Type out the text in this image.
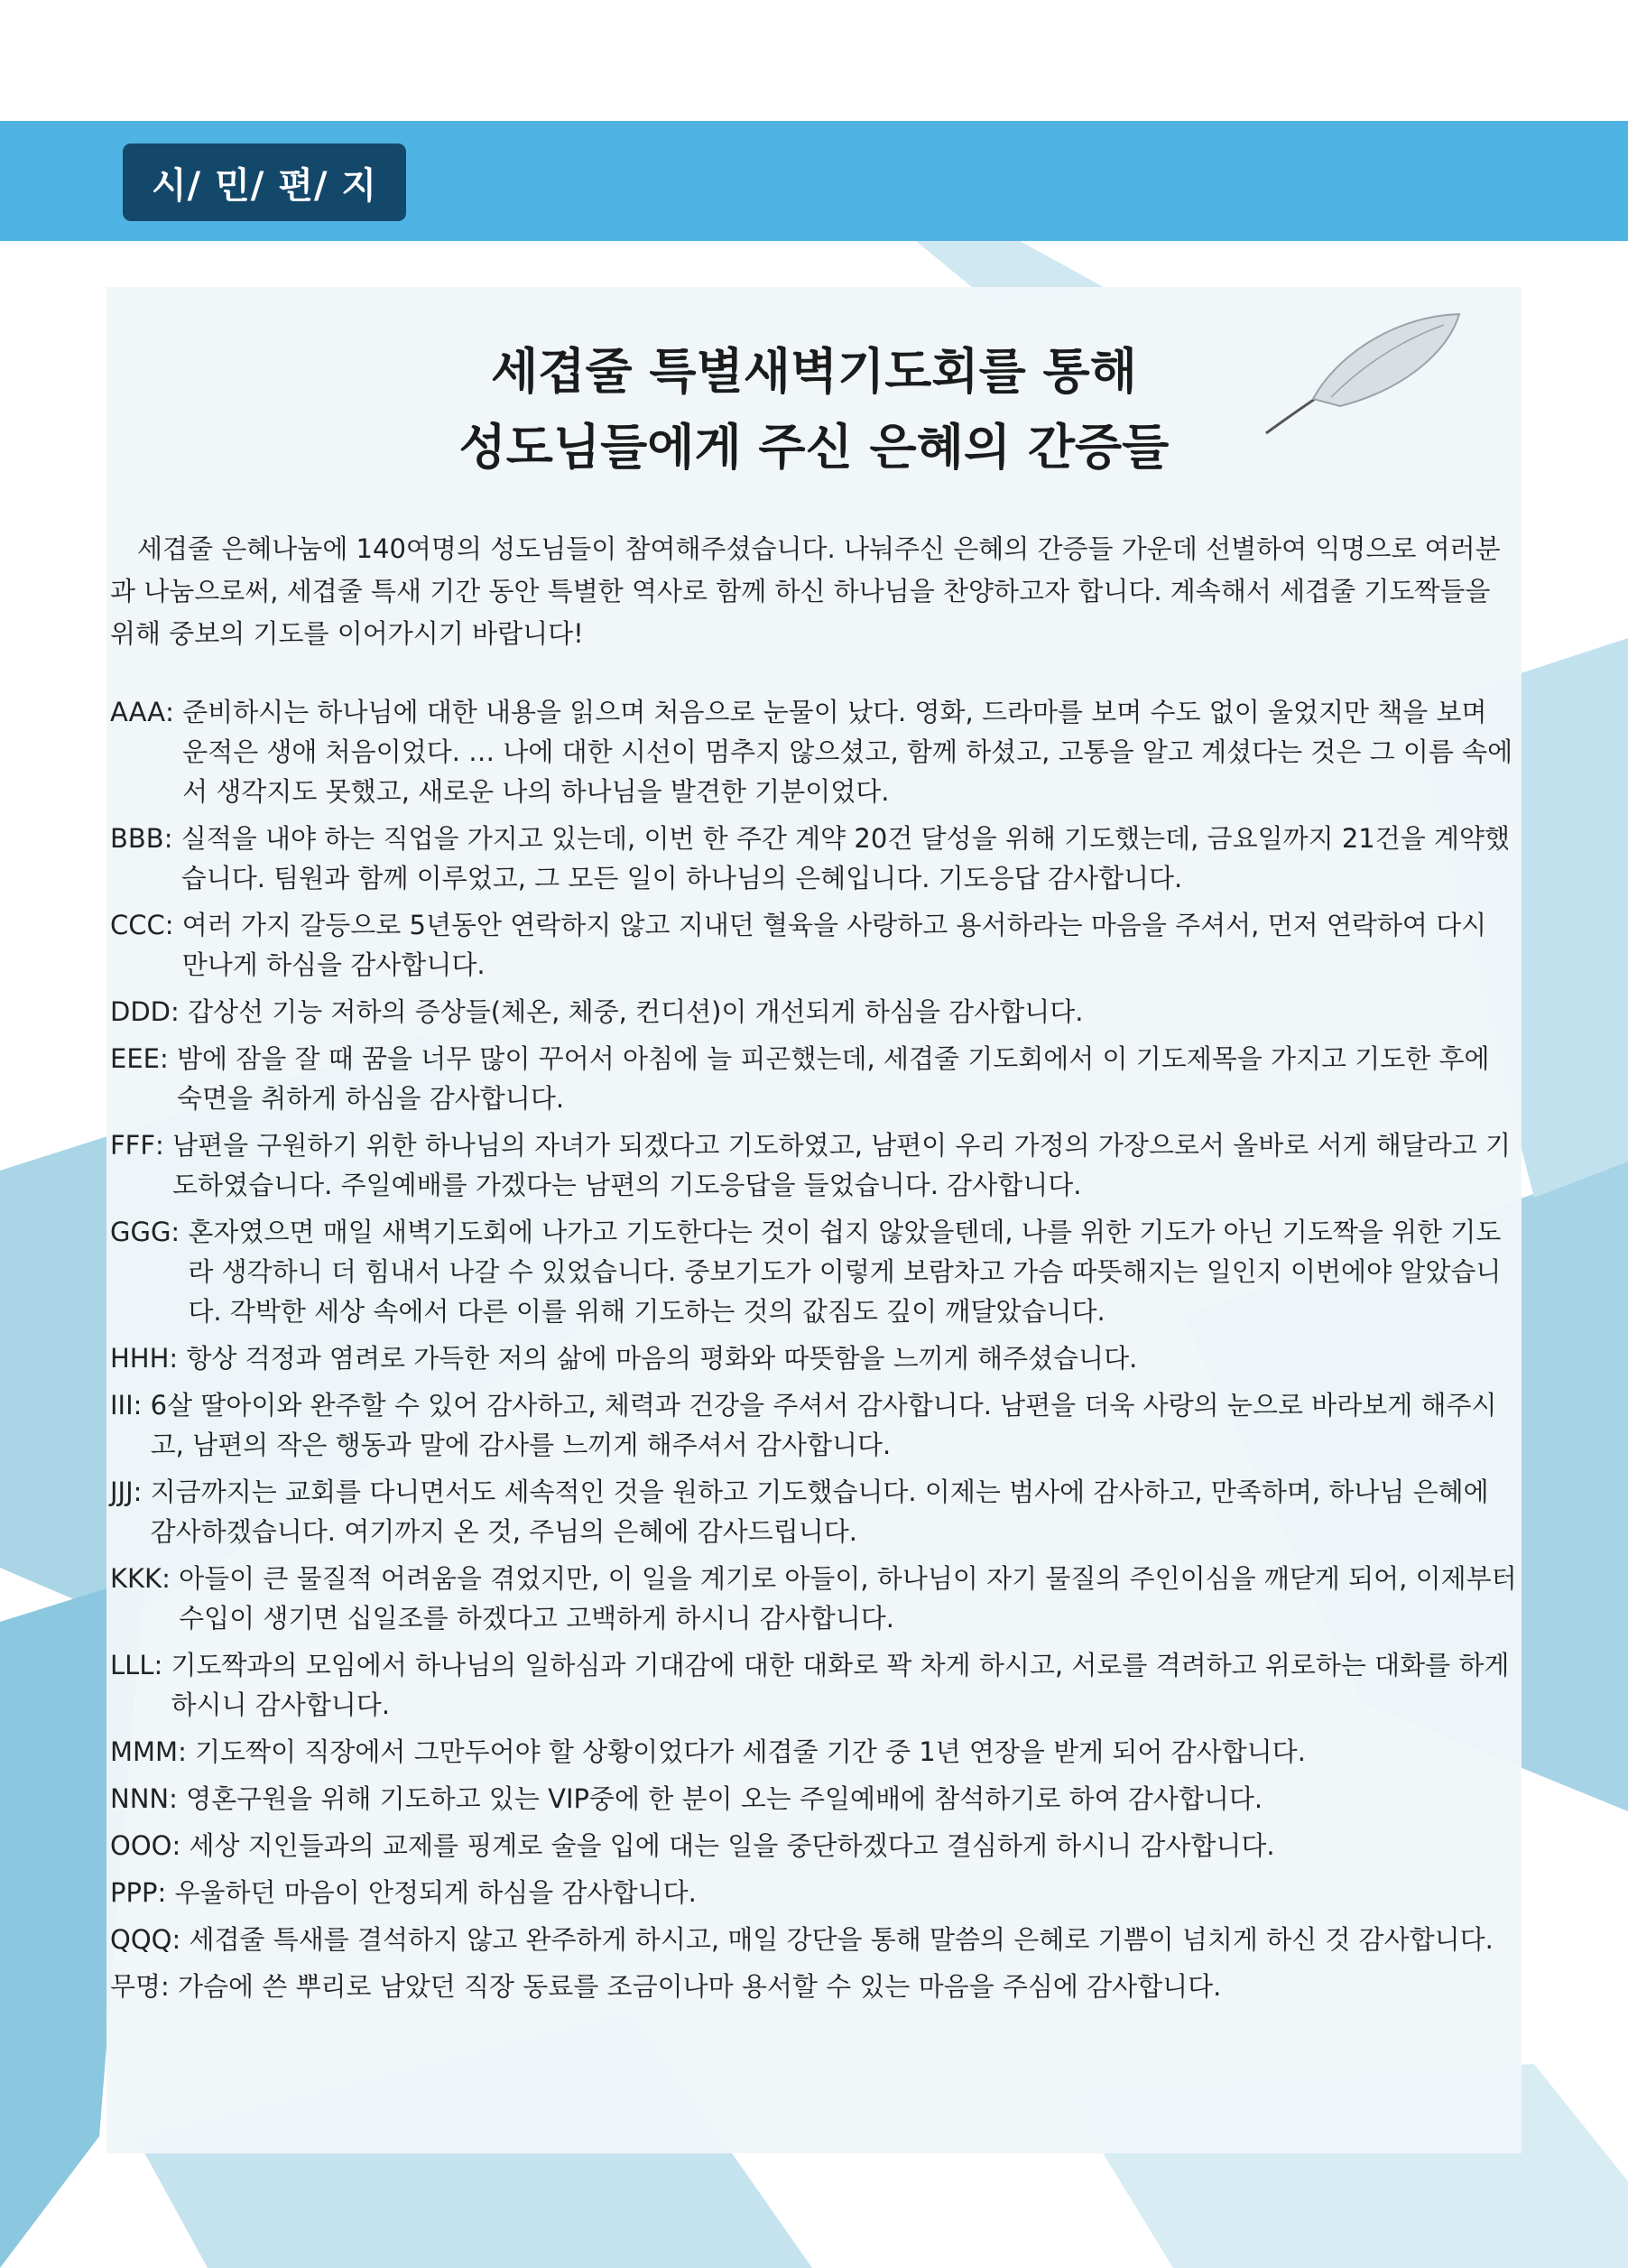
시/ 민/ 편/ 지
세겹줄 특별새벽기도회를 통해
성도님들에게 주신 은혜의 간증들

세겹줄 은혜나눔에 140여명의 성도님들이 참여해주셨습니다. 나눠주신 은혜의 간증들 가운데 선별하여 익명으로 여러분과 나눔으로써, 세겹줄 특새 기간 동안 특별한 역사로 함께 하신 하나님을 찬양하고자 합니다. 계속해서 세겹줄 기도짝들을 위해 중보의 기도를 이어가시기 바랍니다!

AAA : 준비하시는 하나님에 대한 내용을 읽으며 처음으로 눈물이 났다. 영화, 드라마를 보며 수도 없이 울었지만 책을 보며 운적은 생애 처음이었다. … 나에 대한 시선이 멈추지 않으셨고, 함께 하셨고, 고통을 알고 계셨다는 것은 그 이름 속에서 생각지도 못했고, 새로운 나의 하나님을 발견한 기분이었다.
BBB : 실적을 내야 하는 직업을 가지고 있는데, 이번 한 주간 계약 20건 달성을 위해 기도했는데, 금요일까지 21건을 계약했습니다. 팀원과 함께 이루었고, 그 모든 일이 하나님의 은혜입니다. 기도응답 감사합니다.
CCC : 여러 가지 갈등으로 5년동안 연락하지 않고 지내던 혈육을 사랑하고 용서하라는 마음을 주셔서, 먼저 연락하여 다시 만나게 하심을 감사합니다.
DDD : 갑상선 기능 저하의 증상들(체온, 체중, 컨디션)이 개선되게 하심을 감사합니다.
EEE : 밤에 잠을 잘 때 꿈을 너무 많이 꾸어서 아침에 늘 피곤했는데, 세겹줄 기도회에서 이 기도제목을 가지고 기도한 후에 숙면을 취하게 하심을 감사합니다.
FFF : 남편을 구원하기 위한 하나님의 자녀가 되겠다고 기도하였고, 남편이 우리 가정의 가장으로서 올바로 서게 해달라고 기도하였습니다. 주일예배를 가겠다는 남편의 기도응답을 들었습니다. 감사합니다.
GGG : 혼자였으면 매일 새벽기도회에 나가고 기도한다는 것이 쉽지 않았을텐데, 나를 위한 기도가 아닌 기도짝을 위한 기도라 생각하니 더 힘내서 나갈 수 있었습니다. 중보기도가 이렇게 보람차고 가슴 따뜻해지는 일인지 이번에야 알았습니다. 각박한 세상 속에서 다른 이를 위해 기도하는 것의 값짐도 깊이 깨달았습니다.
HHH : 항상 걱정과 염려로 가득한 저의 삶에 마음의 평화와 따뜻함을 느끼게 해주셨습니다.
III : 6살 딸아이와 완주할 수 있어 감사하고, 체력과 건강을 주셔서 감사합니다. 남편을 더욱 사랑의 눈으로 바라보게 해주시고, 남편의 작은 행동과 말에 감사를 느끼게 해주셔서 감사합니다.
JJJ : 지금까지는 교회를 다니면서도 세속적인 것을 원하고 기도했습니다. 이제는 범사에 감사하고, 만족하며, 하나님 은혜에 감사하겠습니다. 여기까지 온 것, 주님의 은혜에 감사드립니다.
KKK : 아들이 큰 물질적 어려움을 겪었지만, 이 일을 계기로 아들이, 하나님이 자기 물질의 주인이심을 깨닫게 되어, 이제부터 수입이 생기면 십일조를 하겠다고 고백하게 하시니 감사합니다.
LLL : 기도짝과의 모임에서 하나님의 일하심과 기대감에 대한 대화로 꽉 차게 하시고, 서로를 격려하고 위로하는 대화를 하게 하시니 감사합니다.
MMM : 기도짝이 직장에서 그만두어야 할 상황이었다가 세겹줄 기간 중 1년 연장을 받게 되어 감사합니다.
NNN : 영혼구원을 위해 기도하고 있는 VIP중에 한 분이 오는 주일예배에 참석하기로 하여 감사합니다.
OOO : 세상 지인들과의 교제를 핑계로 술을 입에 대는 일을 중단하겠다고 결심하게 하시니 감사합니다.
PPP : 우울하던 마음이 안정되게 하심을 감사합니다.
QQQ : 세겹줄 특새를 결석하지 않고 완주하게 하시고, 매일 강단을 통해 말씀의 은혜로 기쁨이 넘치게 하신 것 감사합니다.
무명 : 가슴에 쓴 뿌리로 남았던 직장 동료를 조금이나마 용서할 수 있는 마음을 주심에 감사합니다.
